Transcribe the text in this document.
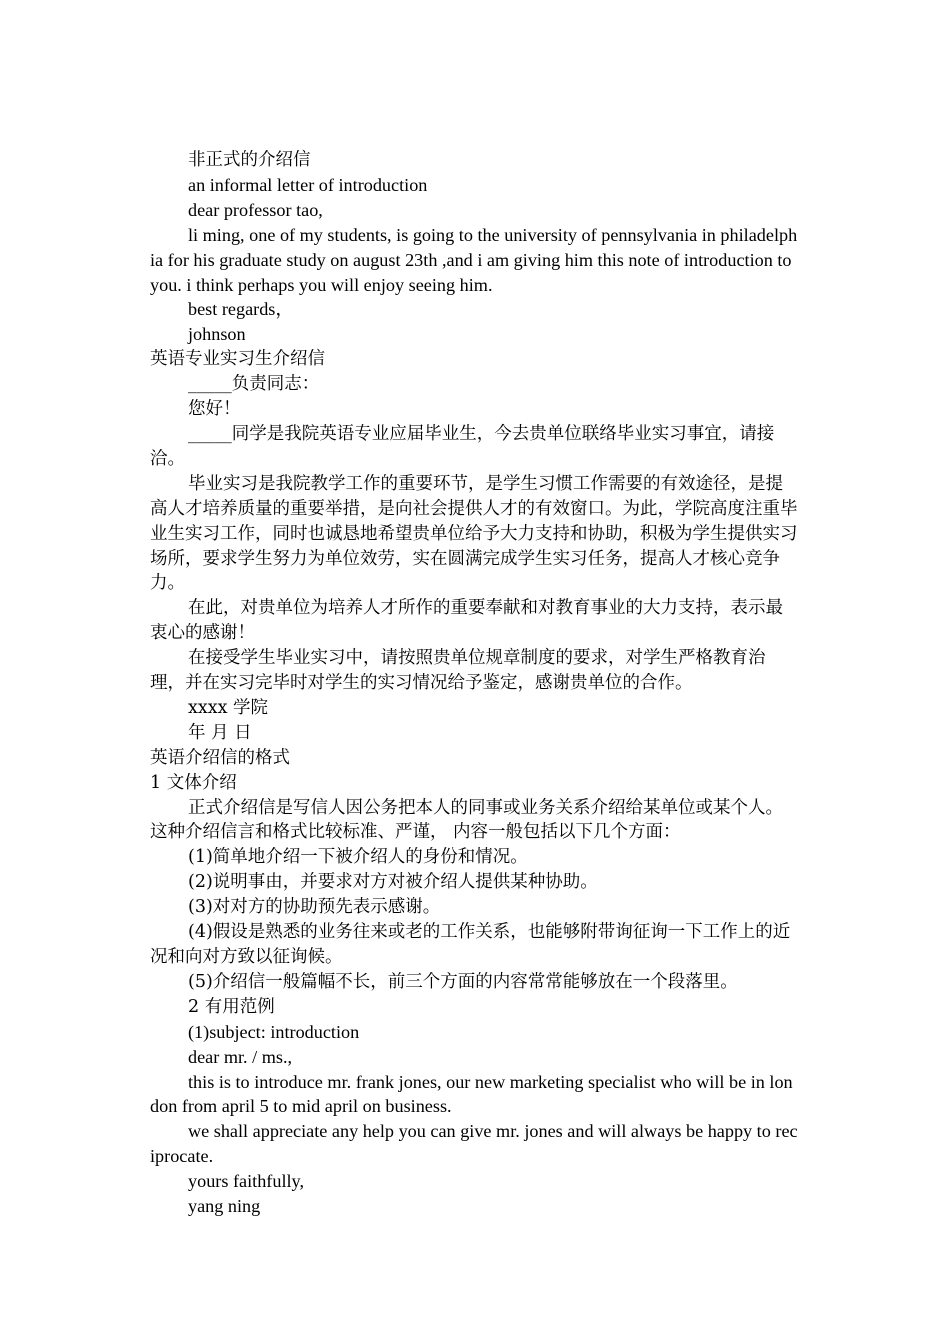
非正式的介绍信

an informal letter of introduction

dear professor tao,

li ming, one of my students, is going to the university of pennsylvania in philadelphia for his graduate study on august 23th ,and i am giving him this note of introduction to you. i think perhaps you will enjoy seeing him.

best regards，

johnson

英语专业实习生介绍信

_____负责同志：

您好！

_____同学是我院英语专业应届毕业生，今去贵单位联络毕业实习事宜，请接洽。

毕业实习是我院教学工作的重要环节，是学生习惯工作需要的有效途径，是提高人才培养质量的重要举措，是向社会提供人才的有效窗口。为此，学院高度注重毕业生实习工作，同时也诚恳地希望贵单位给予大力支持和协助，积极为学生提供实习场所，要求学生努力为单位效劳，实在圆满完成学生实习任务，提高人才核心竞争力。

在此，对贵单位为培养人才所作的重要奉献和对教育事业的大力支持，表示最衷心的感谢！

在接受学生毕业实习中，请按照贵单位规章制度的要求，对学生严格教育治理，并在实习完毕时对学生的实习情况给予鉴定，感谢贵单位的合作。

xxxx 学院

年 月 日

英语介绍信的格式

1 文体介绍

正式介绍信是写信人因公务把本人的同事或业务关系介绍给某单位或某个人。 这种介绍信言和格式比较标准、严谨， 内容一般包括以下几个方面：

(1)简单地介绍一下被介绍人的身份和情况。

(2)说明事由，并要求对方对被介绍人提供某种协助。

(3)对对方的协助预先表示感谢。

(4)假设是熟悉的业务往来或老的工作关系，也能够附带询征询一下工作上的近况和向对方致以征询候。

(5)介绍信一般篇幅不长，前三个方面的内容常常能够放在一个段落里。

2 有用范例

(1)subject: introduction

dear mr. / ms.,

this is to introduce mr. frank jones, our new marketing specialist who will be in london from april 5 to mid april on business.

we shall appreciate any help you can give mr. jones and will always be happy to reciprocate.

yours faithfully,

yang ning
